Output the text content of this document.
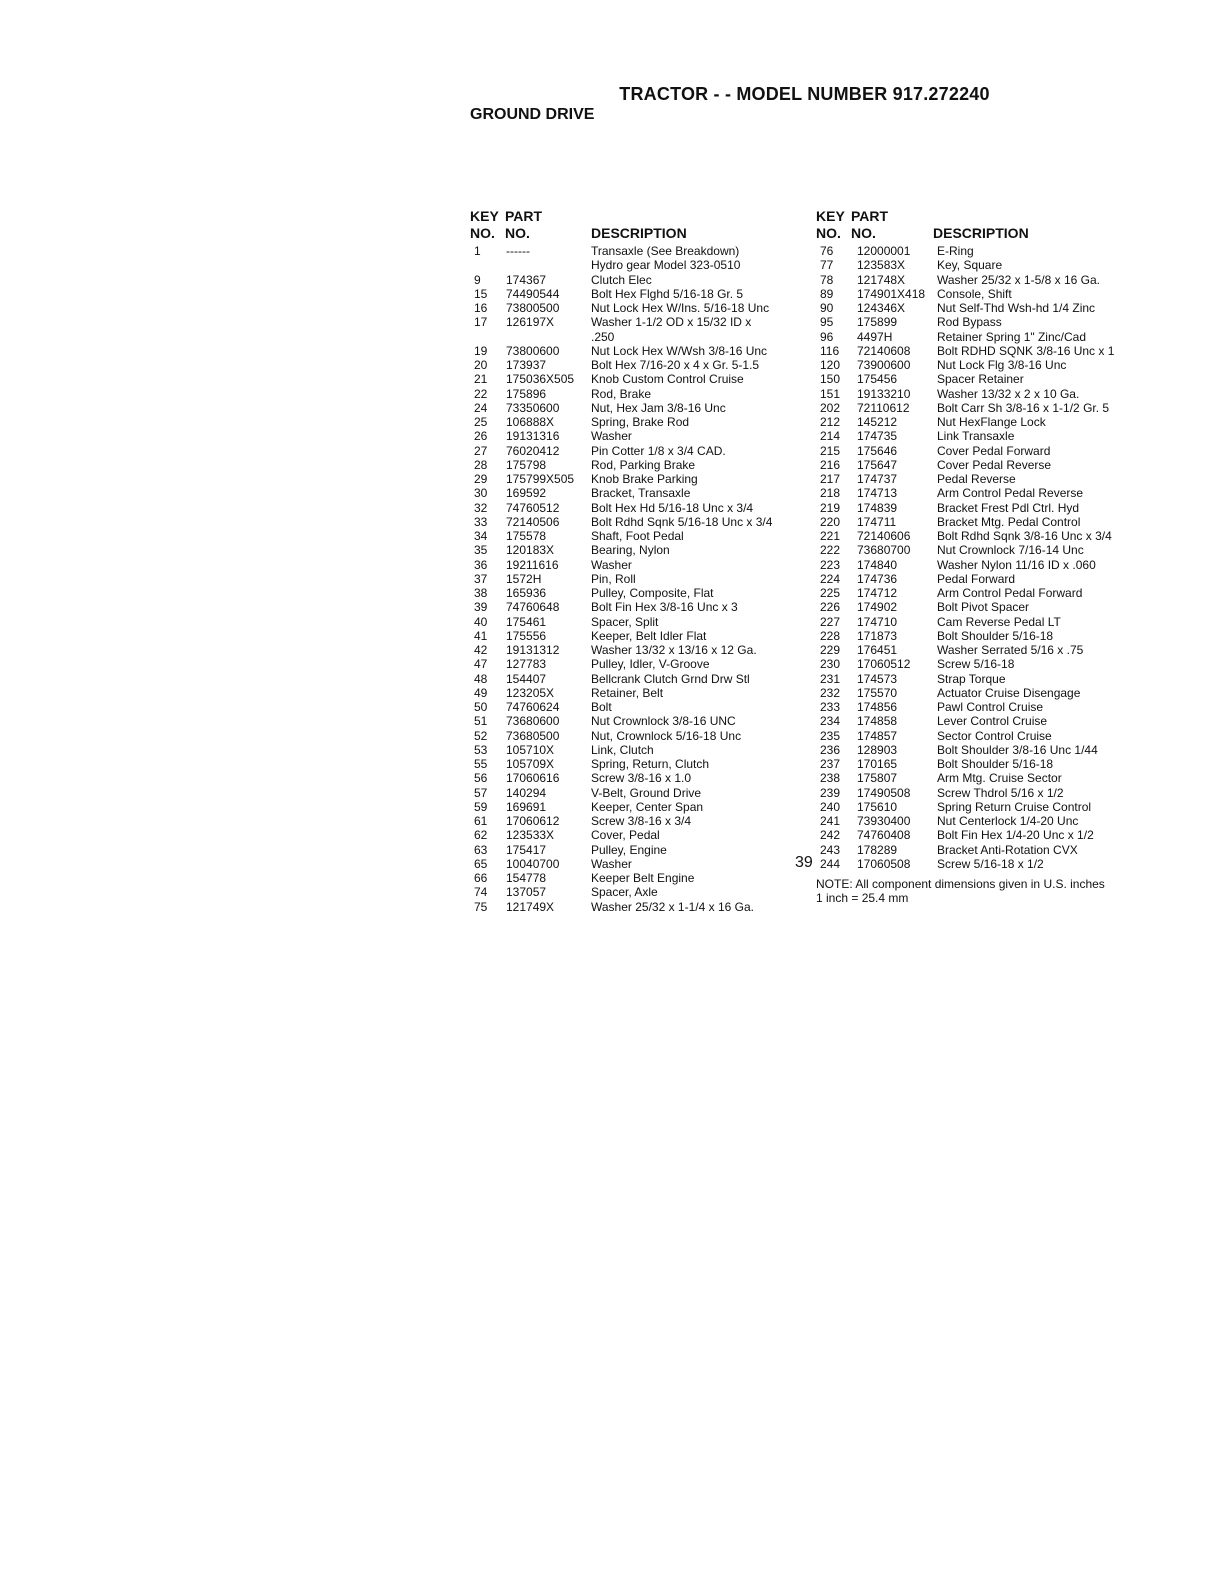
TRACTOR - - MODEL NUMBER 917.272240
GROUND DRIVE
KEY PART
NO. NO.	DESCRIPTION
1 ------	Transaxle (See Breakdown)
Hydro gear Model 323-0510
9 174367	Clutch Elec
15 74490544	Bolt Hex Flghd 5/16-18 Gr. 5
16 73800500	Nut Lock Hex W/Ins. 5/16-18 Unc
17 126197X	Washer 1-1/2 OD x 15/32 ID x
.250
19 73800600	Nut Lock Hex W/Wsh 3/8-16 Unc
20 173937	Bolt Hex 7/16-20 x 4 x Gr. 5-1.5
21 175036X505 Knob Custom Control Cruise
22 175896	Rod, Brake
24 73350600	Nut, Hex Jam 3/8-16 Unc
25 106888X	Spring, Brake Rod
26 19131316	Washer
27 76020412	Pin Cotter 1/8 x 3/4 CAD.
28 175798	Rod, Parking Brake
29 175799X505 Knob Brake Parking
30 169592	Bracket, Transaxle
32 74760512	Bolt Hex Hd 5/16-18 Unc x 3/4
33 72140506	Bolt Rdhd Sqnk 5/16-18 Unc x 3/4
34 175578	Shaft, Foot Pedal
35 120183X	Bearing, Nylon
36 19211616	Washer
37 1572H	Pin, Roll
38 165936	Pulley, Composite, Flat
39 74760648	Bolt Fin Hex 3/8-16 Unc x 3
40 175461	Spacer, Split
41 175556	Keeper, Belt Idler Flat
42 19131312	Washer 13/32 x 13/16 x 12 Ga.
47 127783	Pulley, Idler, V-Groove
48 154407	Bellcrank Clutch Grnd Drw Stl
49 123205X	Retainer, Belt
50 74760624	Bolt
51 73680600	Nut Crownlock 3/8-16 UNC
52 73680500	Nut, Crownlock 5/16-18 Unc
53 105710X	Link, Clutch
55 105709X	Spring, Return, Clutch
56 17060616	Screw 3/8-16 x 1.0
57 140294	V-Belt, Ground Drive
59 169691	Keeper, Center Span
61 17060612	Screw 3/8-16 x 3/4
62 123533X	Cover, Pedal
63 175417	Pulley, Engine
65 10040700	Washer
66 154778	Keeper Belt Engine
74 137057	Spacer, Axle
75 121749X	Washer 25/32 x 1-1/4 x 16 Ga.
KEY PART
NO. NO.	DESCRIPTION
76 12000001 E-Ring
77 123583X	Key, Square
78 121748X	Washer 25/32 x 1-5/8 x 16 Ga.
89 174901X418 Console, Shift
90 124346X	Nut Self-Thd Wsh-hd 1/4 Zinc
95 175899	Rod Bypass
96 4497H	Retainer Spring 1" Zinc/Cad
116 72140608 Bolt RDHD SQNK 3/8-16 Unc x 1
120 73900600 Nut Lock Flg 3/8-16 Unc
150 175456	Spacer Retainer
151 19133210 Washer 13/32 x 2 x 10 Ga.
202 72110612 Bolt Carr Sh 3/8-16 x 1-1/2 Gr. 5
212 145212	Nut HexFlange Lock
214 174735	Link Transaxle
215 175646	Cover Pedal Forward
216 175647	Cover Pedal Reverse
217 174737	Pedal Reverse
218 174713	Arm Control Pedal Reverse
219 174839	Bracket Frest Pdl Ctrl. Hyd
220 174711	Bracket Mtg. Pedal Control
221 72140606 Bolt Rdhd Sqnk 3/8-16 Unc x 3/4
222 73680700 Nut Crownlock 7/16-14 Unc
223 174840	Washer Nylon 11/16 ID x .060
224 174736	Pedal Forward
225 174712	Arm Control Pedal Forward
226 174902	Bolt Pivot Spacer
227 174710	Cam Reverse Pedal LT
228 171873	Bolt Shoulder 5/16-18
229 176451	Washer Serrated 5/16 x .75
230 17060512 Screw 5/16-18
231 174573	Strap Torque
232 175570	Actuator Cruise Disengage
233 174856	Pawl Control Cruise
234 174858	Lever Control Cruise
235 174857	Sector Control Cruise
236 128903	Bolt Shoulder 3/8-16 Unc 1/44
237 170165	Bolt Shoulder 5/16-18
238 175807	Arm Mtg. Cruise Sector
239 17490508 Screw Thdrol 5/16 x 1/2
240 175610	Spring Return Cruise Control
241 73930400 Nut Centerlock 1/4-20 Unc
242 74760408 Bolt Fin Hex 1/4-20 Unc x 1/2
243 178289	Bracket Anti-Rotation CVX
244 17060508 Screw 5/16-18 x 1/2
NOTE: All component dimensions given in U.S. inches
1 inch = 25.4 mm
39
